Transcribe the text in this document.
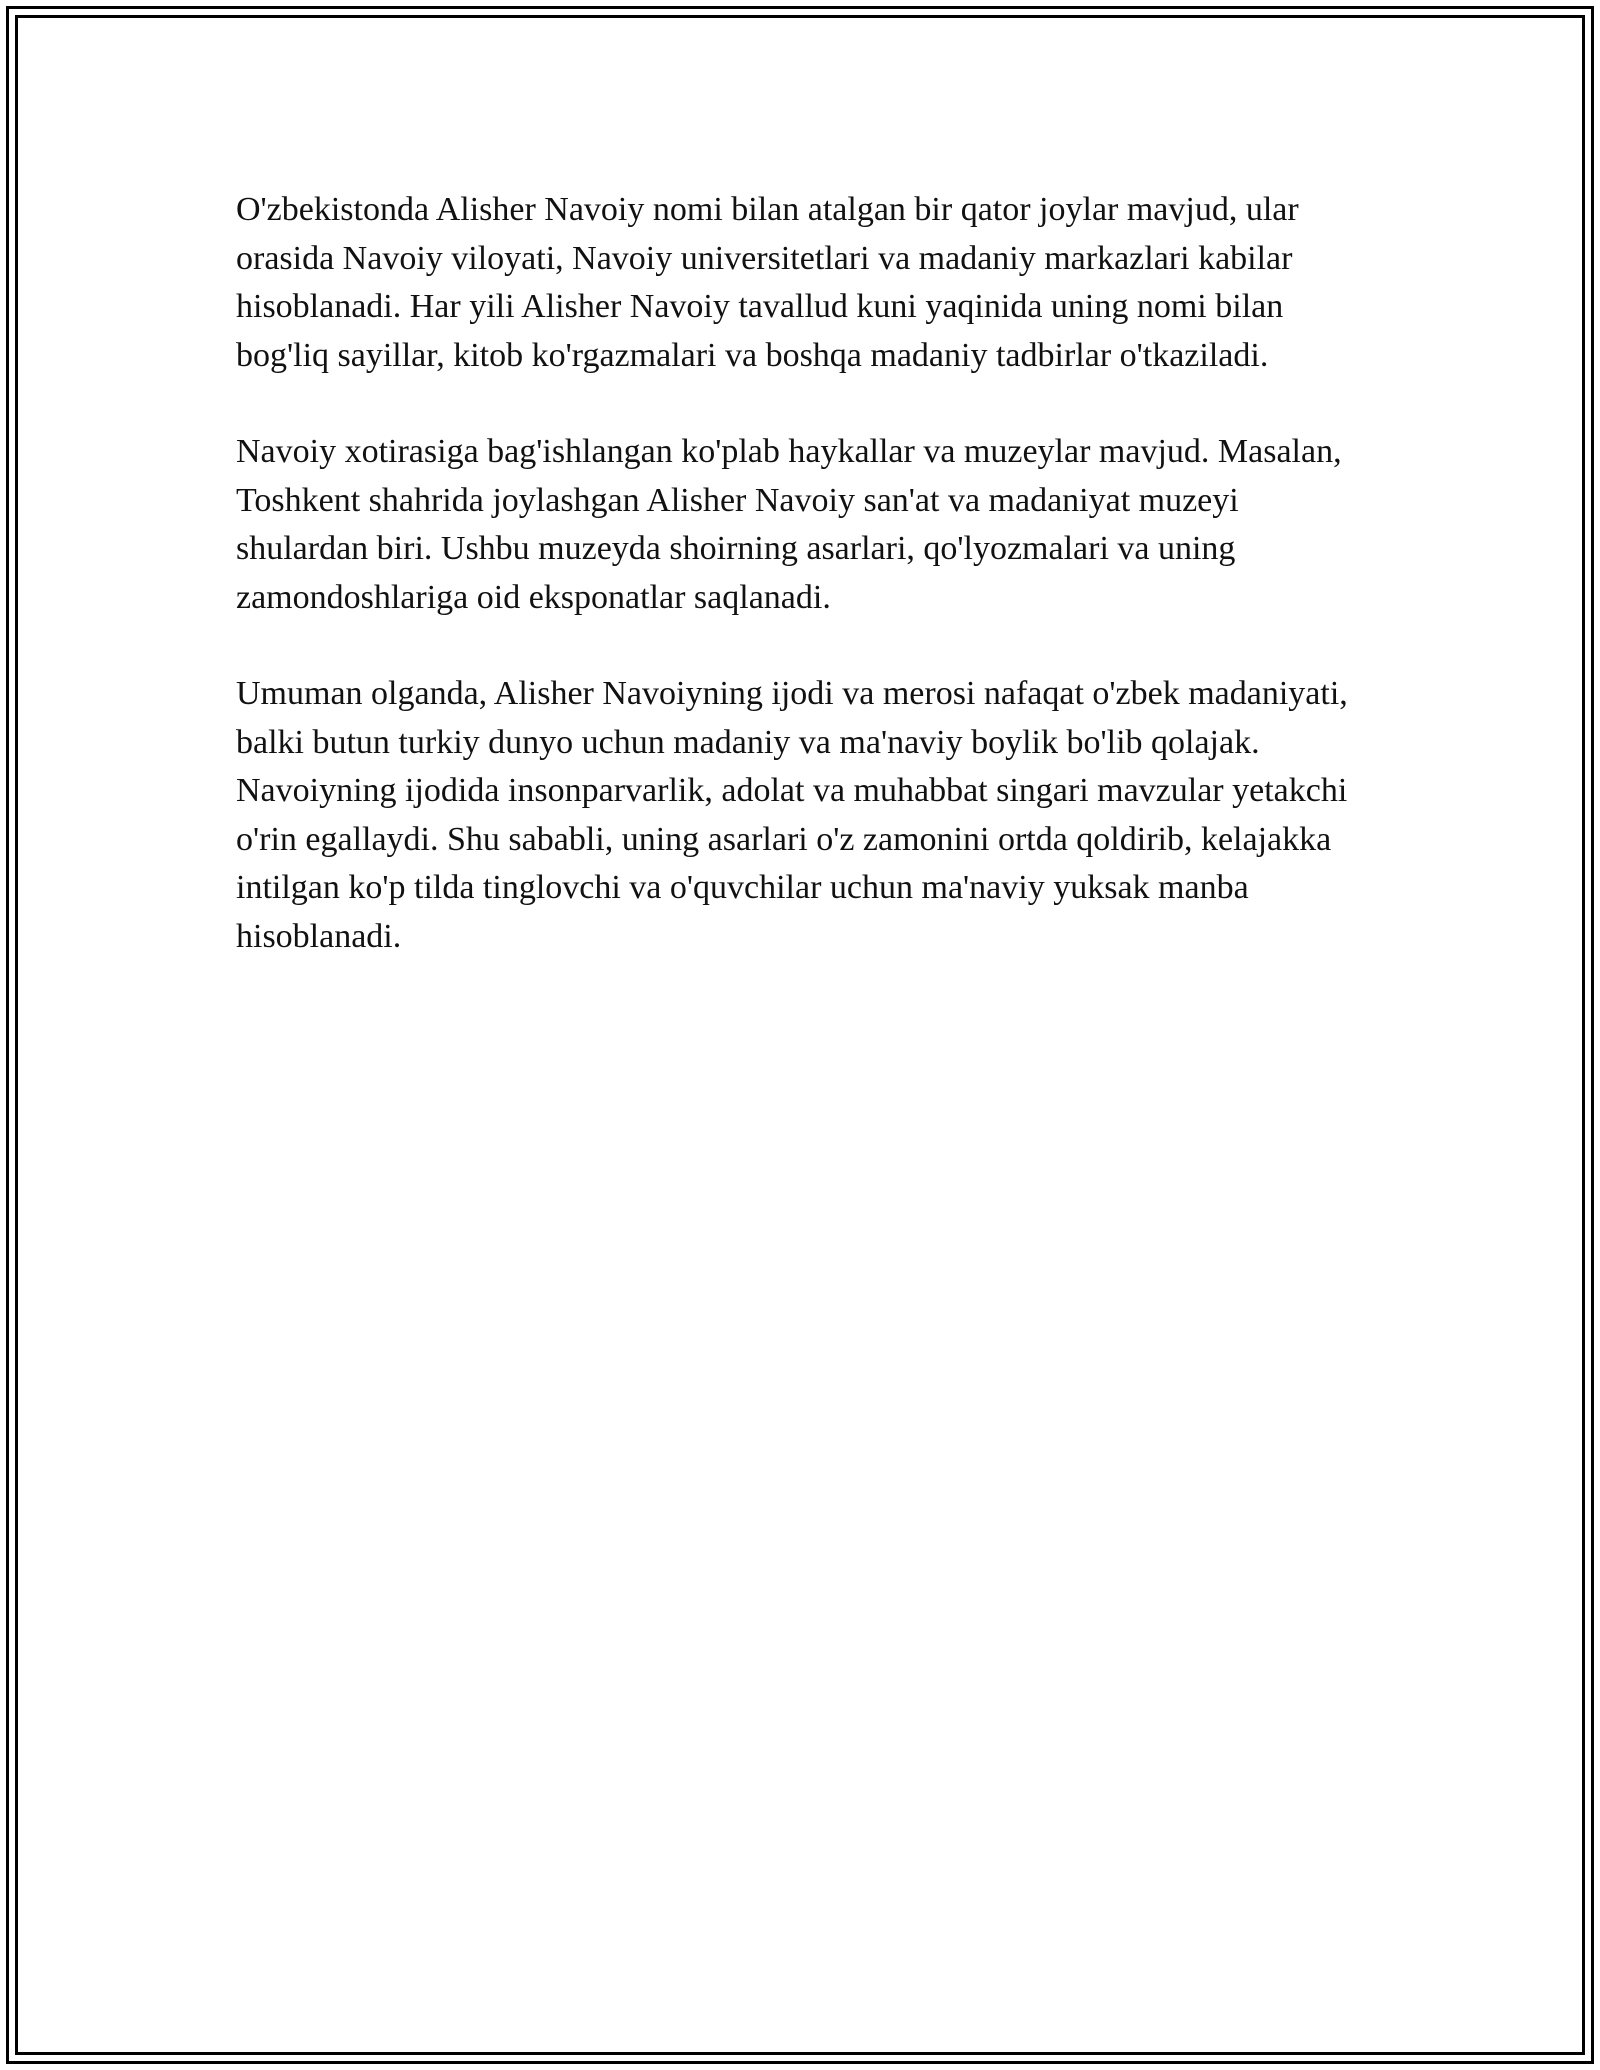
O'zbekistonda Alisher Navoiy nomi bilan atalgan bir qator joylar mavjud, ular orasida Navoiy viloyati, Navoiy universitetlari va madaniy markazlari kabilar hisoblanadi. Har yili Alisher Navoiy tavallud kuni yaqinida uning nomi bilan bog'liq sayillar, kitob ko'rgazmalari va boshqa madaniy tadbirlar o'tkaziladi.

Navoiy xotirasiga bag'ishlangan ko'plab haykallar va muzeylar mavjud. Masalan, Toshkent shahrida joylashgan Alisher Navoiy san'at va madaniyat muzeyi shulardan biri. Ushbu muzeyda shoirning asarlari, qo'lyozmalari va uning zamondoshlariga oid eksponatlar saqlanadi.

Umuman olganda, Alisher Navoiyning ijodi va merosi nafaqat o'zbek madaniyati, balki butun turkiy dunyo uchun madaniy va ma'naviy boylik bo'lib qolajak. Navoiyning ijodida insonparvarlik, adolat va muhabbat singari mavzular yetakchi o'rin egallaydi. Shu sababli, uning asarlari o'z zamonini ortda qoldirib, kelajakka intilgan ko'p tilda tinglovchi va o'quvchilar uchun ma'naviy yuksak manba hisoblanadi.
